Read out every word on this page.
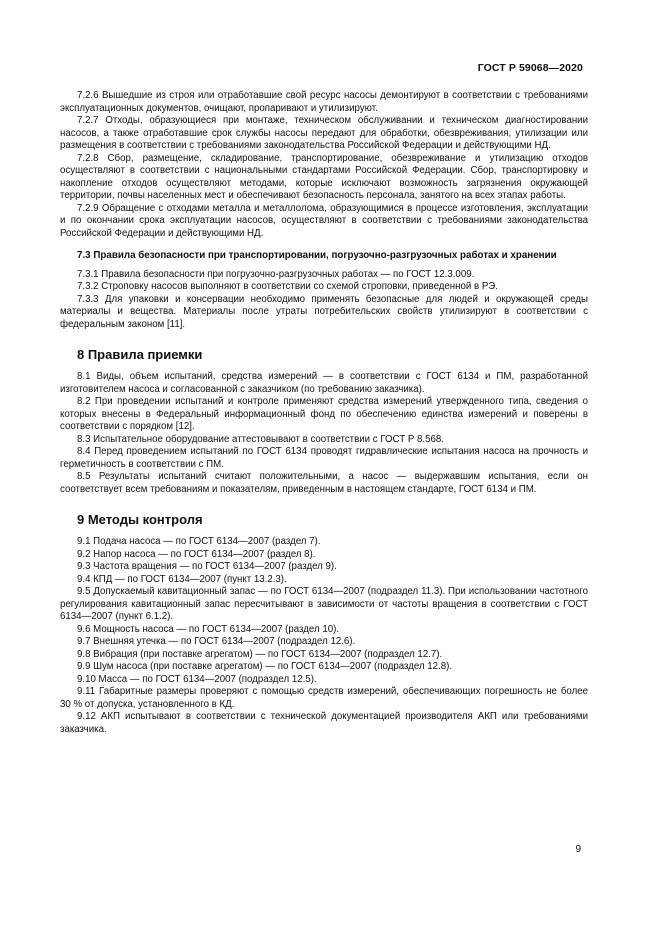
ГОСТ Р 59068—2020

7.2.6 Вышедшие из строя или отработавшие свой ресурс насосы демонтируют в соответствии с требованиями эксплуатационных документов, очищают, пропаривают и утилизируют.

7.2.7 Отходы, образующиеся при монтаже, техническом обслуживании и техническом диагностировании насосов, а также отработавшие срок службы насосы передают для обработки, обезвреживания, утилизации или размещения в соответствии с требованиями законодательства Российской Федерации и действующими НД.

7.2.8 Сбор, размещение, складирование, транспортирование, обезвреживание и утилизацию отходов осуществляют в соответствии с национальными стандартами Российской Федерации. Сбор, транспортировку и накопление отходов осуществляют методами, которые исключают возможность загрязнения окружающей территории, почвы населенных мест и обеспечивают безопасность персонала, занятого на всех этапах работы.

7.2.9 Обращение с отходами металла и металлолома, образующимися в процессе изготовления, эксплуатации и по окончании срока эксплуатации насосов, осуществляют в соответствии с требованиями законодательства Российской Федерации и действующими НД.

7.3 Правила безопасности при транспортировании, погрузочно-разгрузочных работах и хранении

7.3.1 Правила безопасности при погрузочно-разгрузочных работах — по ГОСТ 12.3.009.

7.3.2 Строповку насосов выполняют в соответствии со схемой строповки, приведенной в РЭ.

7.3.3 Для упаковки и консервации необходимо применять безопасные для людей и окружающей среды материалы и вещества. Материалы после утраты потребительских свойств утилизируют в соответствии с федеральным законом [11].

8 Правила приемки

8.1 Виды, объем испытаний, средства измерений — в соответствии с ГОСТ 6134 и ПМ, разработанной изготовителем насоса и согласованной с заказчиком (по требованию заказчика).

8.2 При проведении испытаний и контроле применяют средства измерений утвержденного типа, сведения о которых внесены в Федеральный информационный фонд по обеспечению единства измерений и поверены в соответствии с порядком [12].

8.3 Испытательное оборудование аттестовывают в соответствии с ГОСТ Р 8.568.

8.4 Перед проведением испытаний по ГОСТ 6134 проводят гидравлические испытания насоса на прочность и герметичность в соответствии с ПМ.

8.5 Результаты испытаний считают положительными, а насос — выдержавшим испытания, если он соответствует всем требованиям и показателям, приведенным в настоящем стандарте, ГОСТ 6134 и ПМ.

9 Методы контроля

9.1 Подача насоса — по ГОСТ 6134—2007 (раздел 7).

9.2 Напор насоса — по ГОСТ 6134—2007 (раздел 8).

9.3 Частота вращения — по ГОСТ 6134—2007 (раздел 9).

9.4 КПД — по ГОСТ 6134—2007 (пункт 13.2.3).

9.5 Допускаемый кавитационный запас — по ГОСТ 6134—2007 (подраздел 11.3). При использовании частотного регулирования кавитационный запас пересчитывают в зависимости от частоты вращения в соответствии с ГОСТ 6134—2007 (пункт 6.1.2).

9.6 Мощность насоса — по ГОСТ 6134—2007 (раздел 10).

9.7 Внешняя утечка — по ГОСТ 6134—2007 (подраздел 12.6).

9.8 Вибрация (при поставке агрегатом) — по ГОСТ 6134—2007 (подраздел 12.7).

9.9 Шум насоса (при поставке агрегатом) — по ГОСТ 6134—2007 (подраздел 12.8).

9.10 Масса — по ГОСТ 6134—2007 (подраздел 12.5).

9.11 Габаритные размеры проверяют с помощью средств измерений, обеспечивающих погрешность не более 30 % от допуска, установленного в КД.

9.12 АКП испытывают в соответствии с технической документацией производителя АКП или требованиями заказчика.

9
